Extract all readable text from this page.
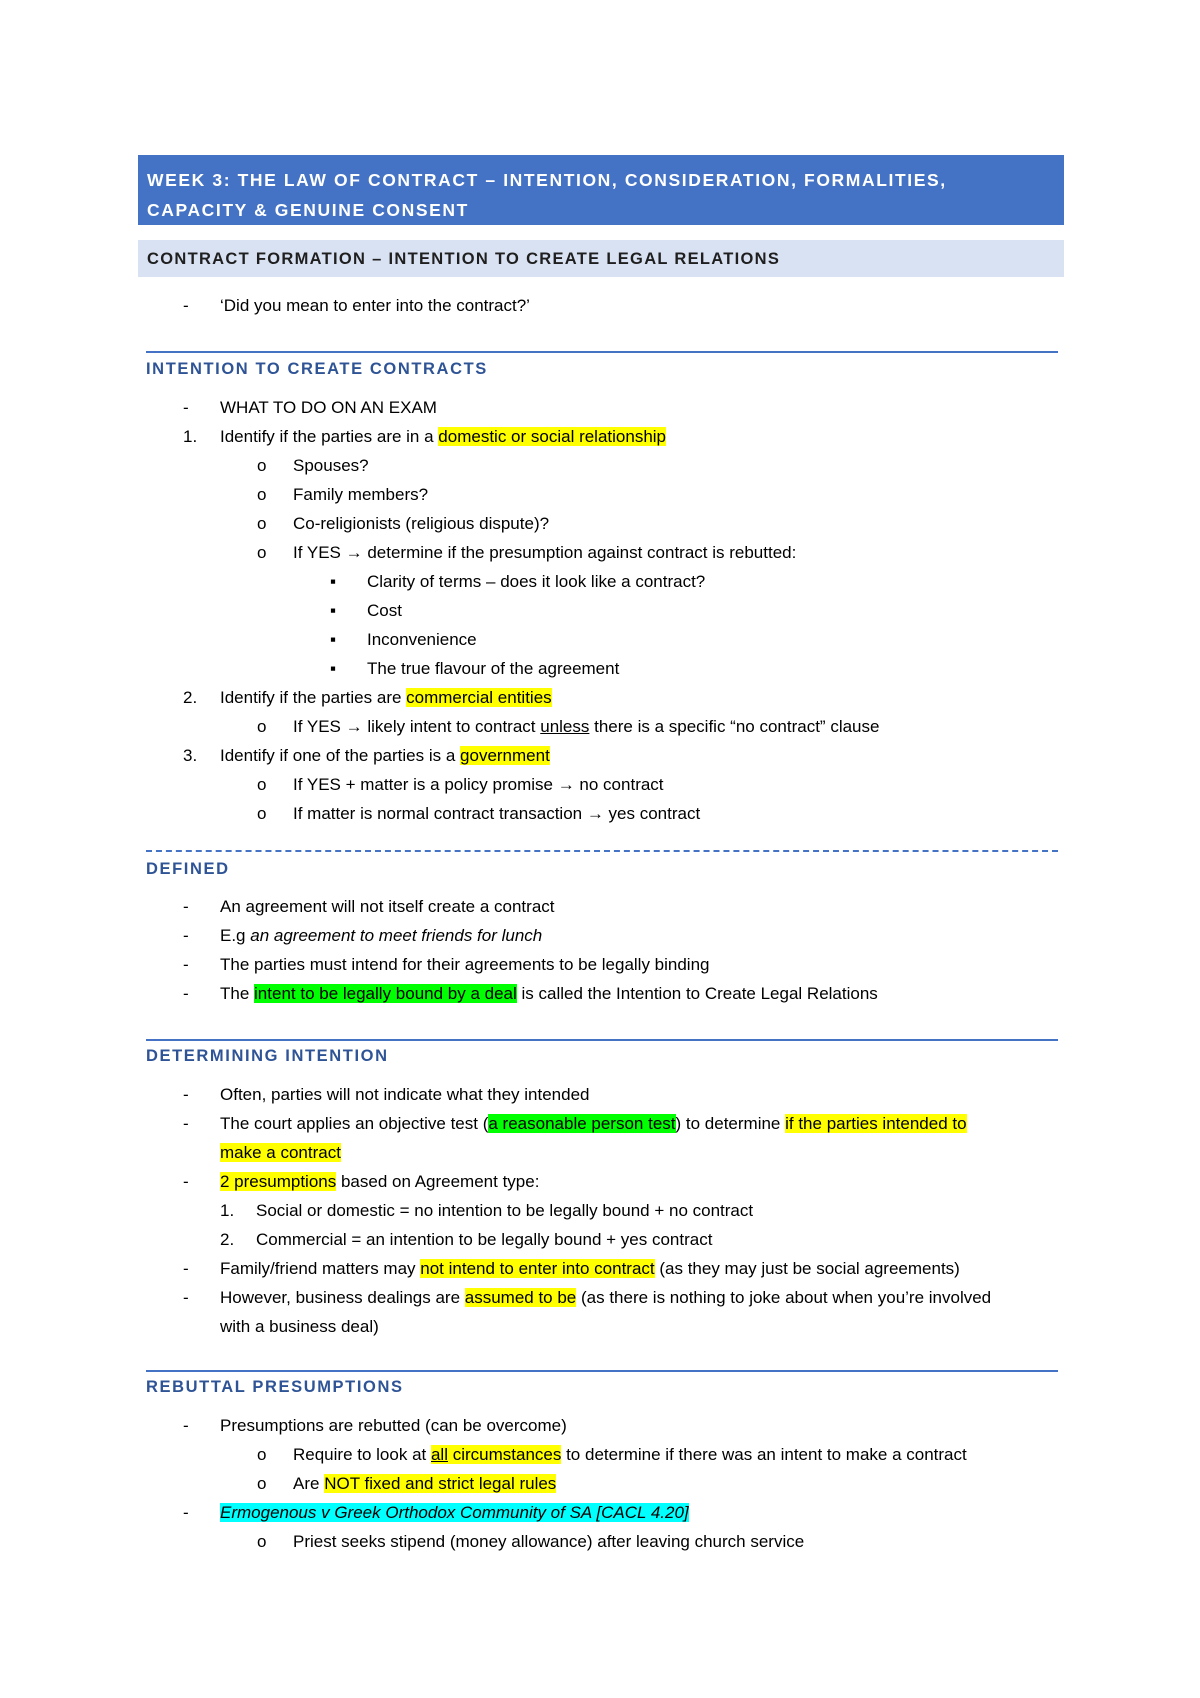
WEEK 3: THE LAW OF CONTRACT – INTENTION, CONSIDERATION, FORMALITIES,
CAPACITY & GENUINE CONSENT
CONTRACT FORMATION – INTENTION TO CREATE LEGAL RELATIONS
- ‘Did you mean to enter into the contract?’
INTENTION TO CREATE CONTRACTS
- WHAT TO DO ON AN EXAM
1. Identify if the parties are in a domestic or social relationship
o Spouses?
o Family members?
o Co-religionists (religious dispute)?
o If YES → determine if the presumption against contract is rebutted:
▪ Clarity of terms – does it look like a contract?
▪ Cost
▪ Inconvenience
▪ The true flavour of the agreement
2. Identify if the parties are commercial entities
o If YES → likely intent to contract unless there is a specific “no contract” clause
3. Identify if one of the parties is a government
o If YES + matter is a policy promise → no contract
o If matter is normal contract transaction → yes contract
DEFINED
- An agreement will not itself create a contract
- E.g an agreement to meet friends for lunch
- The parties must intend for their agreements to be legally binding
- The intent to be legally bound by a deal is called the Intention to Create Legal Relations
DETERMINING INTENTION
- Often, parties will not indicate what they intended
- The court applies an objective test (a reasonable person test) to determine if the parties intended to
make a contract
- 2 presumptions based on Agreement type:
1. Social or domestic = no intention to be legally bound + no contract
2. Commercial = an intention to be legally bound + yes contract
- Family/friend matters may not intend to enter into contract (as they may just be social agreements)
- However, business dealings are assumed to be (as there is nothing to joke about when you’re involved
with a business deal)
REBUTTAL PRESUMPTIONS
- Presumptions are rebutted (can be overcome)
o Require to look at all circumstances to determine if there was an intent to make a contract
o Are NOT fixed and strict legal rules
- Ermogenous v Greek Orthodox Community of SA [CACL 4.20]
o Priest seeks stipend (money allowance) after leaving church service
